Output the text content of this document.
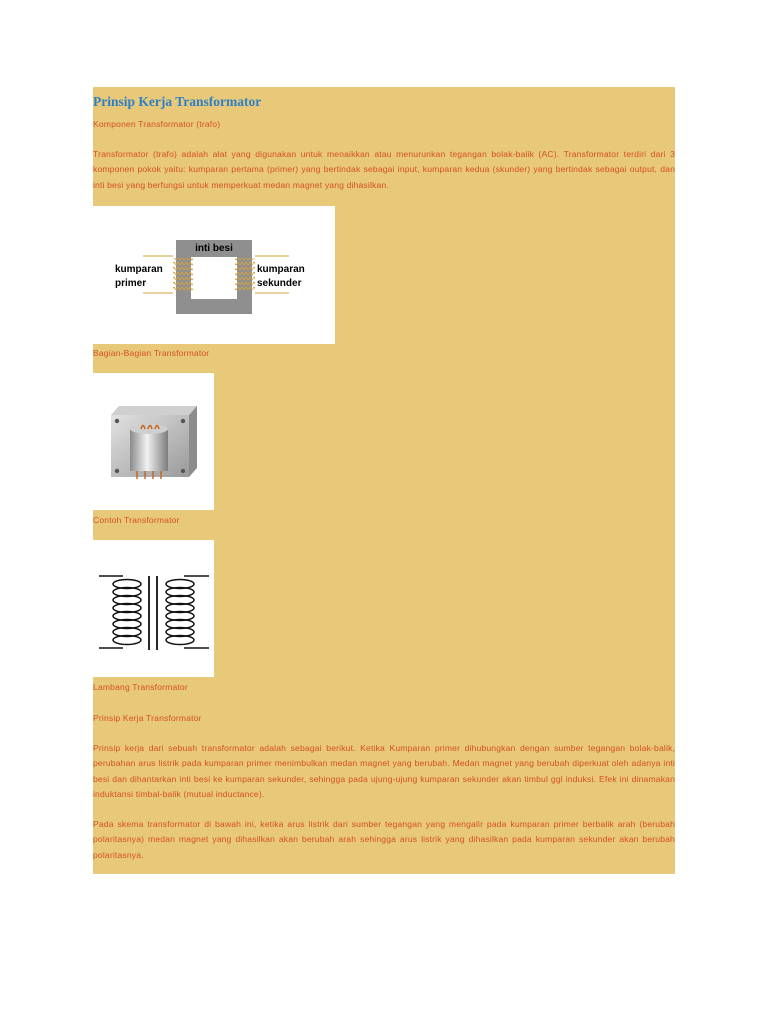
Prinsip Kerja Transformator

Komponen Transformator (trafo)

Transformator (trafo) adalah alat yang digunakan untuk menaikkan atau menurunkan tegangan bolak-balik (AC). Transformator terdiri dari 3 komponen pokok yaitu: kumparan pertama (primer) yang bertindak sebagai input, kumparan kedua (skunder) yang bertindak sebagai output, dan inti besi yang berfungsi untuk memperkuat medan magnet yang dihasilkan.

inti besi
kumparan
primer
kumparan
sekunder

Bagian-Bagian Transformator

Contoh Transformator

Lambang Transformator

Prinsip Kerja Transformator

Prinsip kerja dari sebuah transformator adalah sebagai berikut. Ketika Kumparan primer dihubungkan dengan sumber tegangan bolak-balik, perubahan arus listrik pada kumparan primer menimbulkan medan magnet yang berubah. Medan magnet yang berubah diperkuat oleh adanya inti besi dan dihantarkan inti besi ke kumparan sekunder, sehingga pada ujung-ujung kumparan sekunder akan timbul ggl induksi. Efek ini dinamakan induktansi timbal-balik (mutual inductance).

Pada skema transformator di bawah ini, ketika arus listrik dari sumber tegangan yang mengalir pada kumparan primer berbalik arah (berubah polaritasnya) medan magnet yang dihasilkan akan berubah arah sehingga arus listrik yang dihasilkan pada kumparan sekunder akan berubah polaritasnya.
